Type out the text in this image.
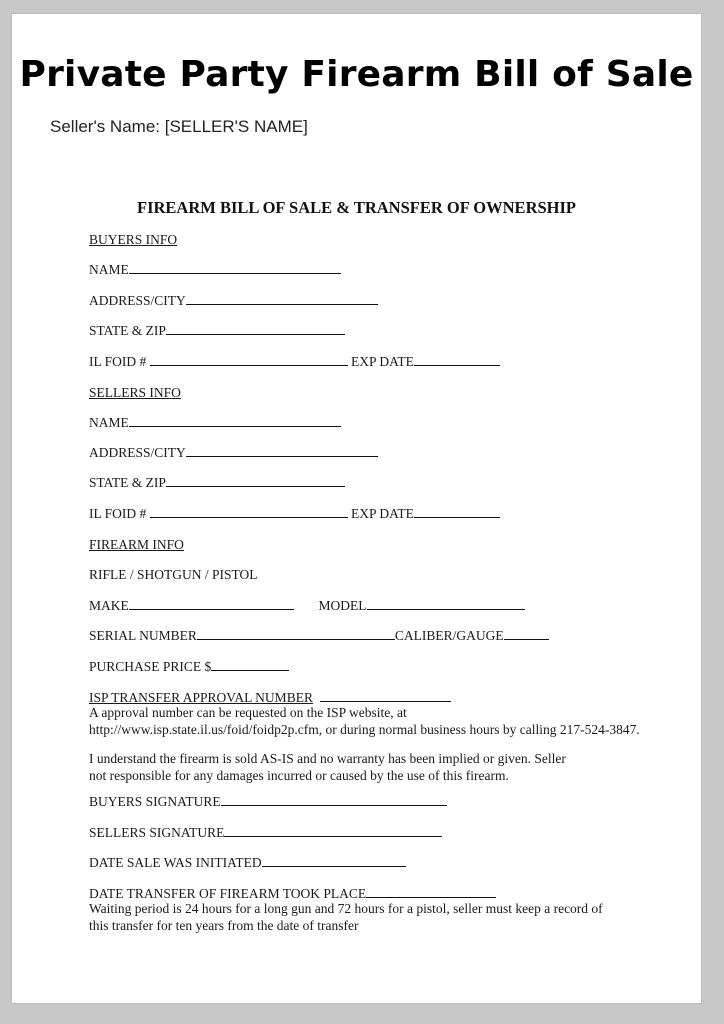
Private Party Firearm Bill of Sale
Seller's Name: [SELLER'S NAME]
FIREARM BILL OF SALE & TRANSFER OF OWNERSHIP
BUYERS INFO
NAME
ADDRESS/CITY
STATE & ZIP
IL FOID #	EXP DATE
SELLERS INFO
NAME
ADDRESS/CITY
STATE & ZIP
IL FOID #	EXP DATE
FIREARM INFO
RIFLE / SHOTGUN / PISTOL
MAKE	MODEL
SERIAL NUMBER	CALIBER/GAUGE
PURCHASE PRICE $
ISP TRANSFER APPROVAL NUMBER
A approval number can be requested on the ISP website, at
http://www.isp.state.il.us/foid/foidp2p.cfm, or during normal business hours by calling 217-524-3847.
I understand the firearm is sold AS-IS and no warranty has been implied or given. Seller
not responsible for any damages incurred or caused by the use of this firearm.
BUYERS SIGNATURE
SELLERS SIGNATURE
DATE SALE WAS INITIATED
DATE TRANSFER OF FIREARM TOOK PLACE
Waiting period is 24 hours for a long gun and 72 hours for a pistol, seller must keep a record of
this transfer for ten years from the date of transfer
